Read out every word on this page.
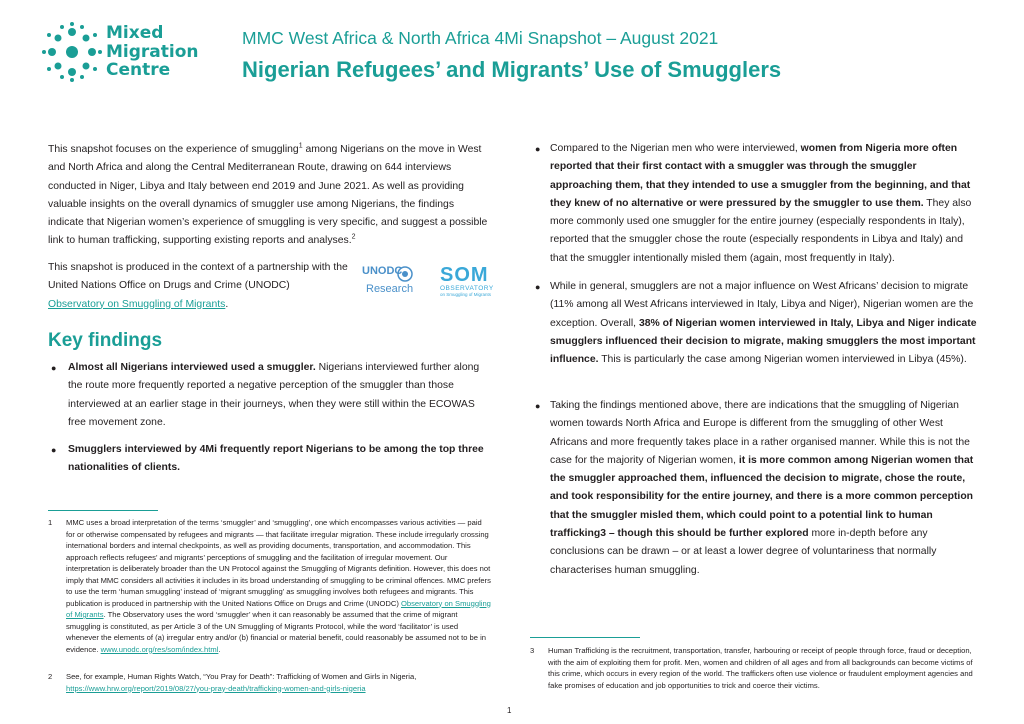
Mixed
Migration
Centre
MMC West Africa & North Africa 4Mi Snapshot – August 2021
Nigerian Refugees’ and Migrants’ Use of Smugglers
This snapshot focuses on the experience of smuggling$^1$ among Nigerians on the move in West and North Africa and along the Central Mediterranean Route, drawing on 644 interviews conducted in Niger, Libya and Italy between end 2019 and June 2021. As well as providing valuable insights on the overall dynamics of smuggler use among Nigerians, the findings indicate that Nigerian women’s experience of smuggling is very specific, and suggest a possible link to human trafficking, supporting existing reports and analyses.$^2$
This snapshot is produced in the context of a partnership with the United Nations Office on Drugs and Crime (UNODC) Observatory on Smuggling of Migrants.
UNODC
Research
SOM
OBSERVATORY
on Smuggling of Migrants
Key findings
● Almost all Nigerians interviewed used a smuggler. Nigerians interviewed further along the route more frequently reported a negative perception of the smuggler than those interviewed at an earlier stage in their journeys, when they were still within the ECOWAS free movement zone.
● Smugglers interviewed by 4Mi frequently report Nigerians to be among the top three nationalities of clients.
● Compared to the Nigerian men who were interviewed, women from Nigeria more often reported that their first contact with a smuggler was through the smuggler approaching them, that they intended to use a smuggler from the beginning, and that they knew of no alternative or were pressured by the smuggler to use them. They also more commonly used one smuggler for the entire journey (especially respondents in Italy), reported that the smuggler chose the route (especially respondents in Libya and Italy) and that the smuggler intentionally misled them (again, most frequently in Italy).
● While in general, smugglers are not a major influence on West Africans’ decision to migrate (11% among all West Africans interviewed in Italy, Libya and Niger), Nigerian women are the exception. Overall, 38% of Nigerian women interviewed in Italy, Libya and Niger indicate smugglers influenced their decision to migrate, making smugglers the most important influence. This is particularly the case among Nigerian women interviewed in Libya (45%).
● Taking the findings mentioned above, there are indications that the smuggling of Nigerian women towards North Africa and Europe is different from the smuggling of other West Africans and more frequently takes place in a rather organised manner. While this is not the case for the majority of Nigerian women, it is more common among Nigerian women that the smuggler approached them, influenced the decision to migrate, chose the route, and took responsibility for the entire journey, and there is a more common perception that the smuggler misled them, which could point to a potential link to human trafficking3 – though this should be further explored more in-depth before any conclusions can be drawn – or at least a lower degree of voluntariness that normally characterises human smuggling.
1 MMC uses a broad interpretation of the terms ‘smuggler’ and ‘smuggling’, one which encompasses various activities — paid for or otherwise compensated by refugees and migrants — that facilitate irregular migration. These include irregularly crossing international borders and internal checkpoints, as well as providing documents, transportation, and accommodation. This approach reflects refugees’ and migrants’ perceptions of smuggling and the facilitation of irregular movement. Our interpretation is deliberately broader than the UN Protocol against the Smuggling of Migrants definition. However, this does not imply that MMC considers all activities it includes in its broad understanding of smuggling to be criminal offences. MMC prefers to use the term ‘human smuggling’ instead of ‘migrant smuggling’ as smuggling involves both refugees and migrants. This publication is produced in partnership with the United Nations Office on Drugs and Crime (UNODC) Observatory on Smuggling of Migrants. The Observatory uses the word ‘smuggler’ when it can reasonably be assumed that the crime of migrant smuggling is constituted, as per Article 3 of the UN Smuggling of Migrants Protocol, while the word ‘facilitator’ is used whenever the elements of (a) irregular entry and/or (b) financial or material benefit, could reasonably be assumed not to be in evidence. www.unodc.org/res/som/index.html.
2 See, for example, Human Rights Watch, “You Pray for Death”: Trafficking of Women and Girls in Nigeria, https://www.hrw.org/report/2019/08/27/you-pray-death/trafficking-women-and-girls-nigeria
3 Human Trafficking is the recruitment, transportation, transfer, harbouring or receipt of people through force, fraud or deception, with the aim of exploiting them for profit. Men, women and children of all ages and from all backgrounds can become victims of this crime, which occurs in every region of the world. The traffickers often use violence or fraudulent employment agencies and fake promises of education and job opportunities to trick and coerce their victims.
1
